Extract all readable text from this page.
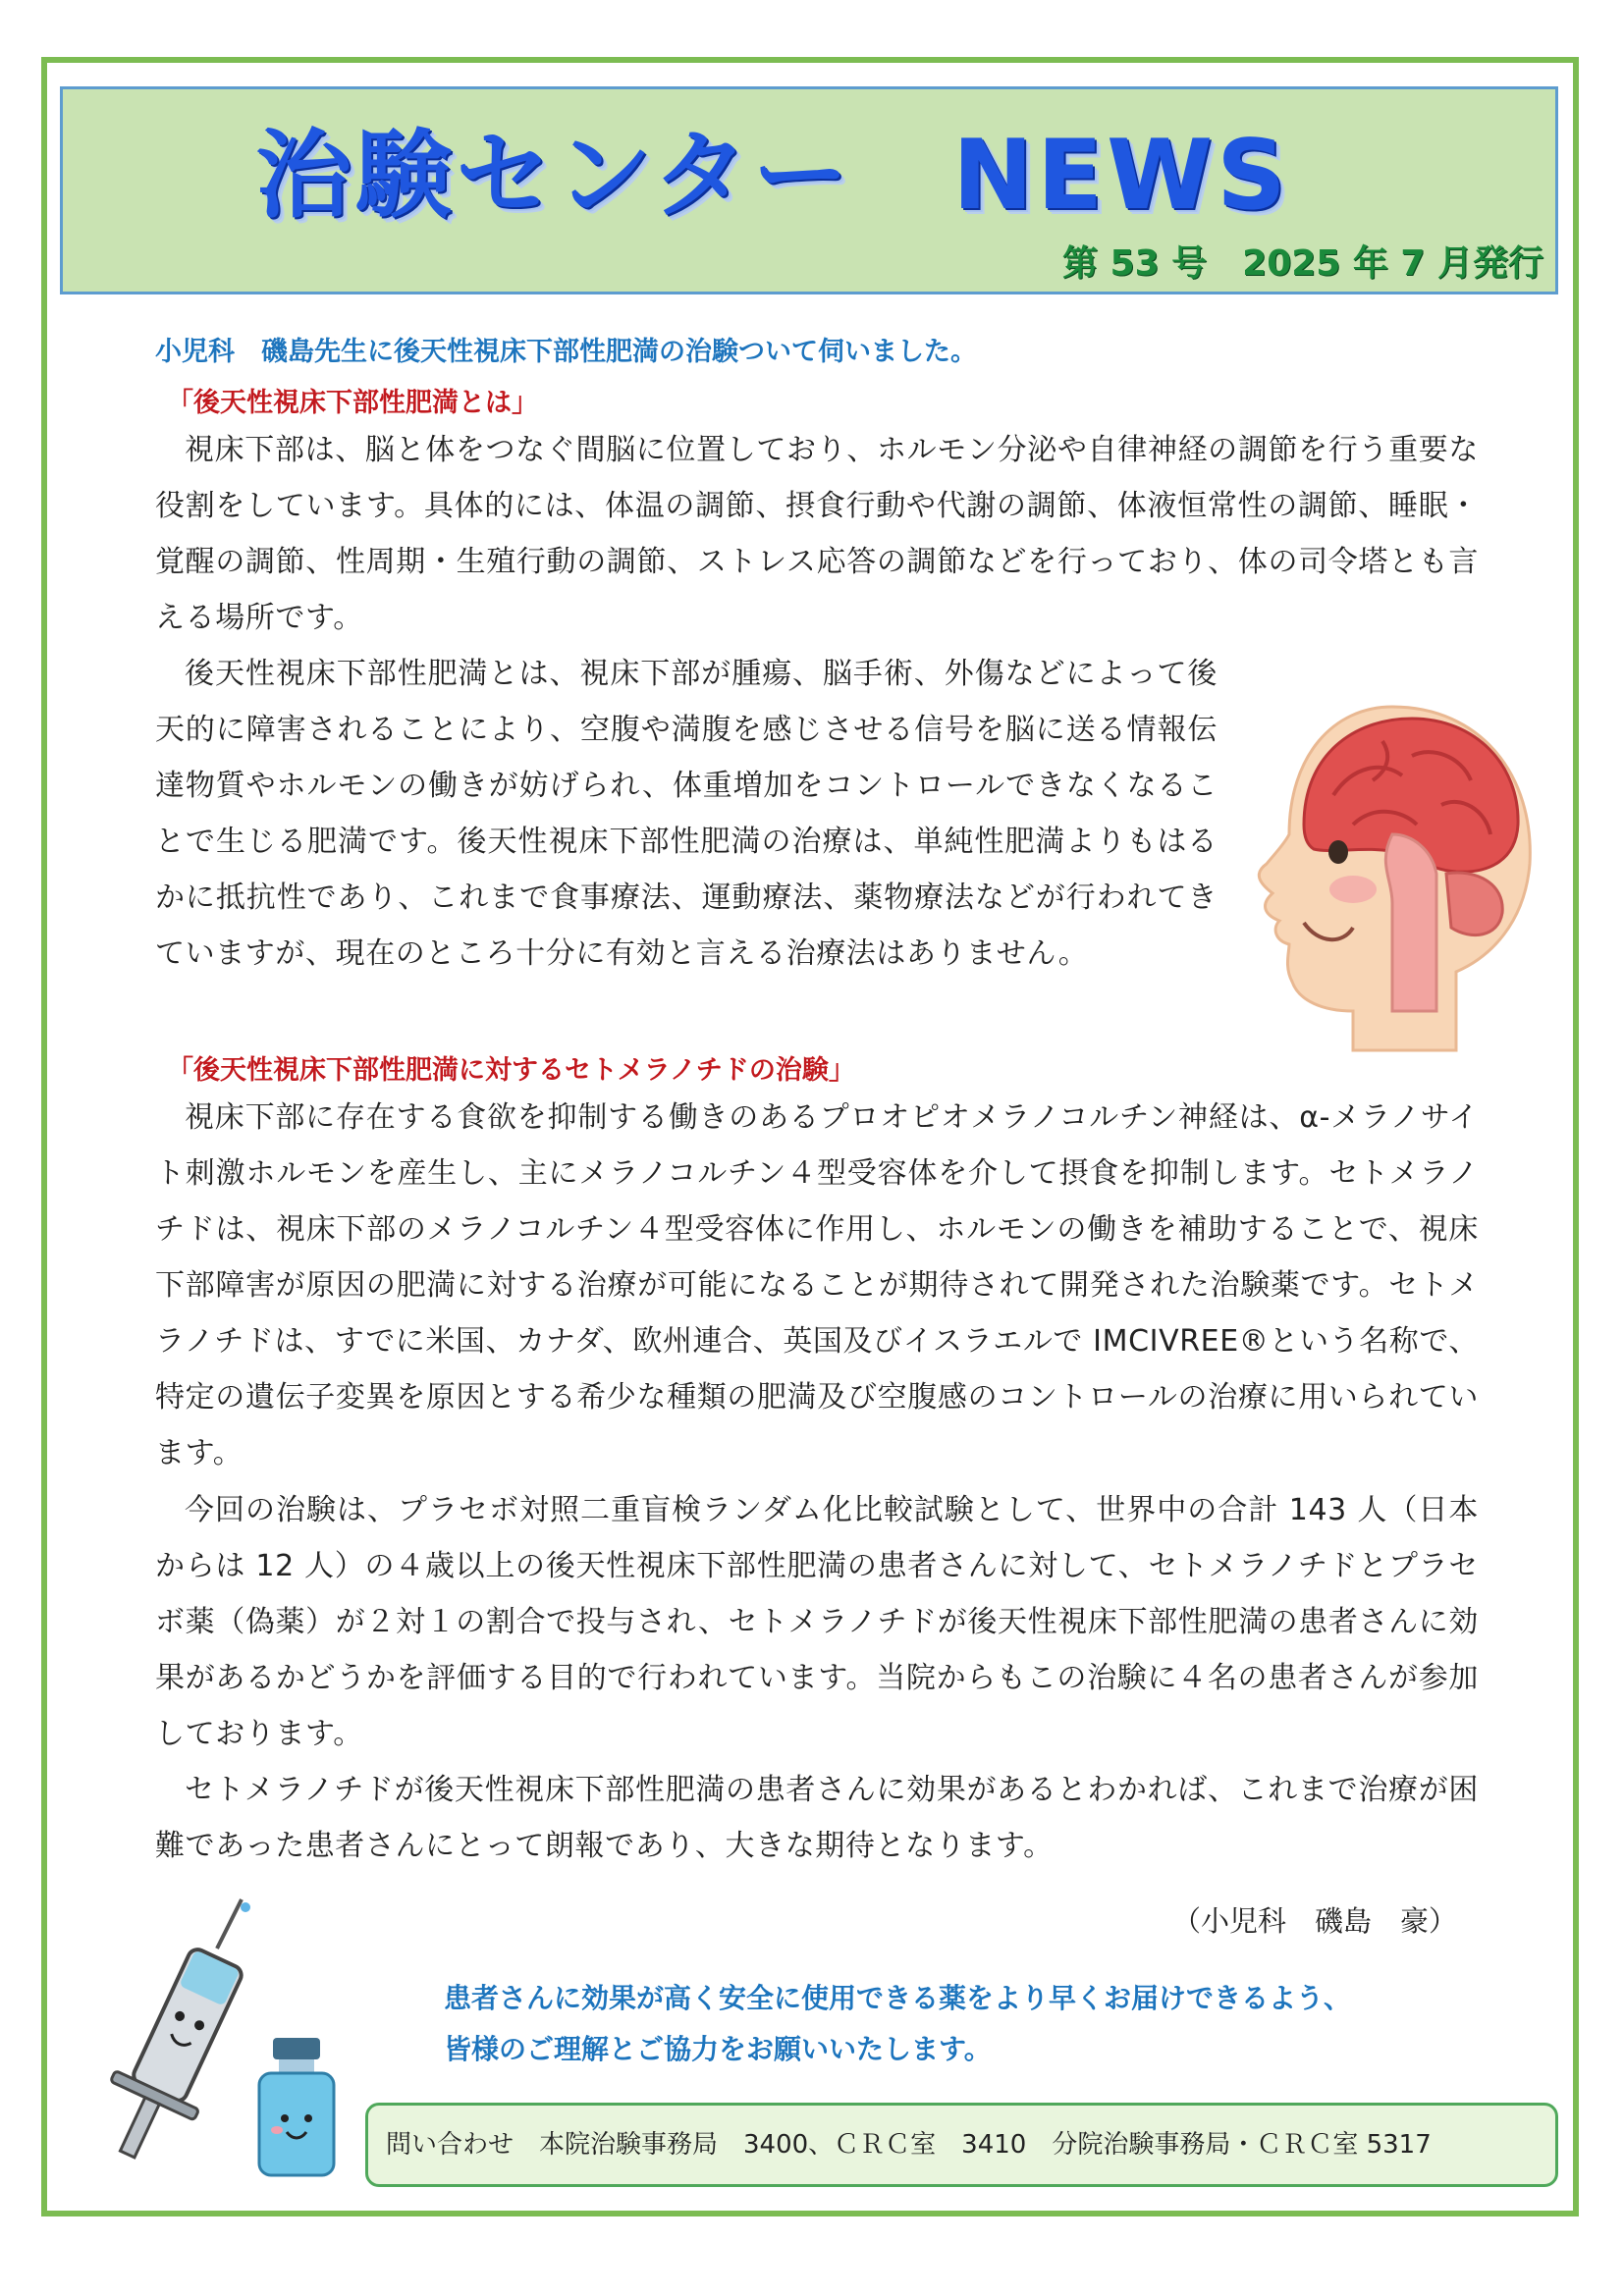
治験センター　NEWS

第 53 号　2025 年 7 月発行

小児科　磯島先生に後天性視床下部性肥満の治験ついて伺いました。

「後天性視床下部性肥満とは」

視床下部は、脳と体をつなぐ間脳に位置しており、ホルモン分泌や自律神経の調節を行う重要な役割をしています。具体的には、体温の調節、摂食行動や代謝の調節、体液恒常性の調節、睡眠・覚醒の調節、性周期・生殖行動の調節、ストレス応答の調節などを行っており、体の司令塔とも言える場所です。

後天性視床下部性肥満とは、視床下部が腫瘍、脳手術、外傷などによって後天的に障害されることにより、空腹や満腹を感じさせる信号を脳に送る情報伝達物質やホルモンの働きが妨げられ、体重増加をコントロールできなくなることで生じる肥満です。後天性視床下部性肥満の治療は、単純性肥満よりもはるかに抵抗性であり、これまで食事療法、運動療法、薬物療法などが行われてきていますが、現在のところ十分に有効と言える治療法はありません。

「後天性視床下部性肥満に対するセトメラノチドの治験」

視床下部に存在する食欲を抑制する働きのあるプロオピオメラノコルチン神経は、α-メラノサイト刺激ホルモンを産生し、主にメラノコルチン４型受容体を介して摂食を抑制します。セトメラノチドは、視床下部のメラノコルチン４型受容体に作用し、ホルモンの働きを補助することで、視床下部障害が原因の肥満に対する治療が可能になることが期待されて開発された治験薬です。セトメラノチドは、すでに米国、カナダ、欧州連合、英国及びイスラエルで IMCIVREE®という名称で、特定の遺伝子変異を原因とする希少な種類の肥満及び空腹感のコントロールの治療に用いられています。

今回の治験は、プラセボ対照二重盲検ランダム化比較試験として、世界中の合計 143 人（日本からは 12 人）の４歳以上の後天性視床下部性肥満の患者さんに対して、セトメラノチドとプラセボ薬（偽薬）が２対１の割合で投与され、セトメラノチドが後天性視床下部性肥満の患者さんに効果があるかどうかを評価する目的で行われています。当院からもこの治験に４名の患者さんが参加しております。

セトメラノチドが後天性視床下部性肥満の患者さんに効果があるとわかれば、これまで治療が困難であった患者さんにとって朗報であり、大きな期待となります。

（小児科　磯島　豪）

患者さんに効果が高く安全に使用できる薬をより早くお届けできるよう、
皆様のご理解とご協力をお願いいたします。
問い合わせ　本院治験事務局　3400、ＣＲＣ室　3410　分院治験事務局・ＣＲＣ室 5317
